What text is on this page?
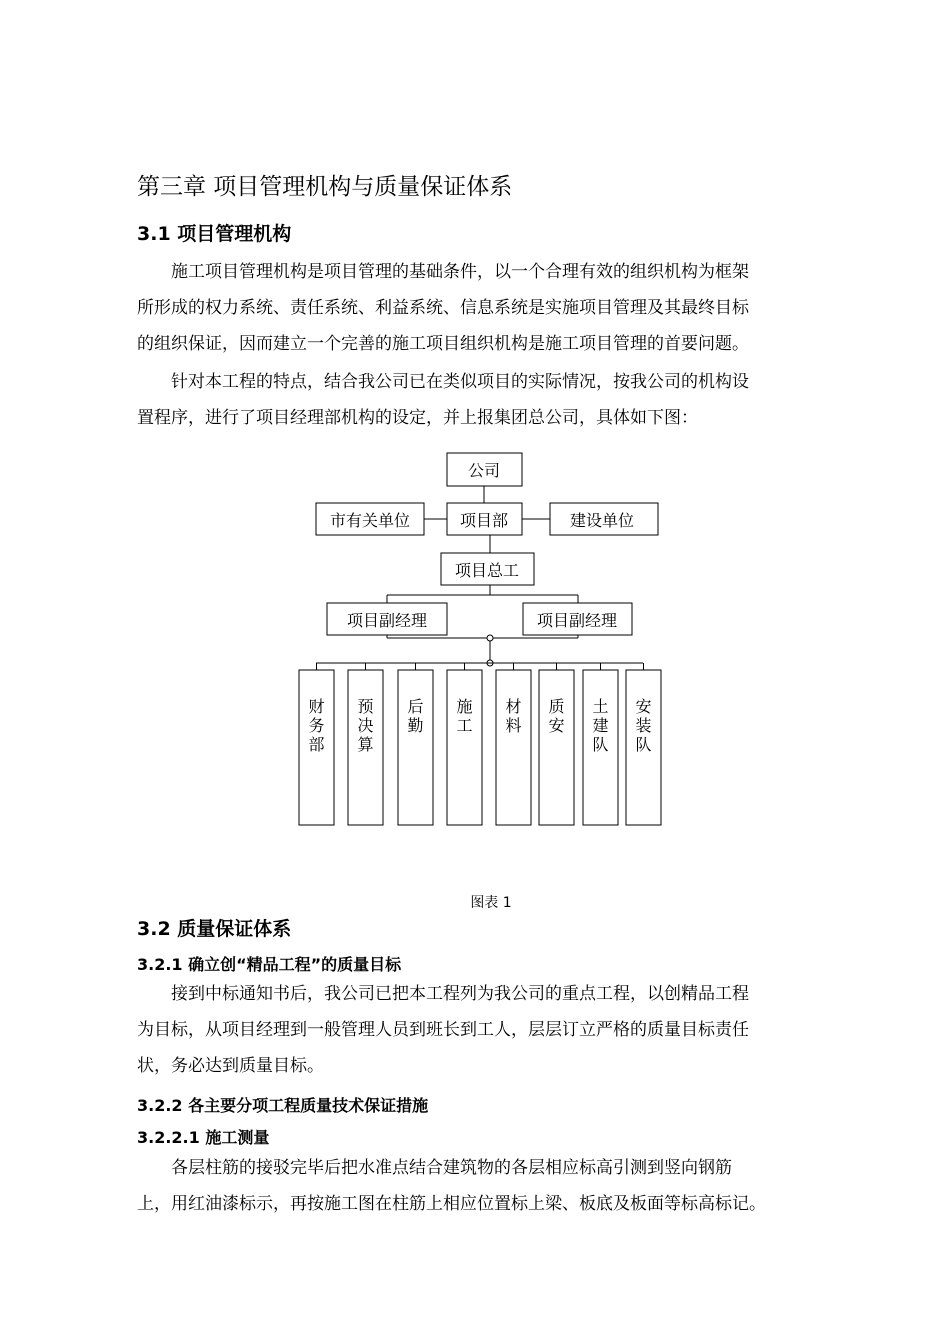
第三章 项目管理机构与质量保证体系
3.1 项目管理机构
施工项目管理机构是项目管理的基础条件，以一个合理有效的组织机构为框架
所形成的权力系统、责任系统、利益系统、信息系统是实施项目管理及其最终目标
的组织保证，因而建立一个完善的施工项目组织机构是施工项目管理的首要问题。
针对本工程的特点，结合我公司已在类似项目的实际情况，按我公司的机构设
置程序，进行了项目经理部机构的设定，并上报集团总公司，具体如下图：
公司
市有关单位	项目部	建设单位
项目总工
项目副经理	项目副经理
财
务
部
预
决
算
后
勤
施
工
材
料
质
安
土
建
队
安
装
队
图表 1
3.2 质量保证体系
3.2.1 确立创“精品工程”的质量目标
接到中标通知书后，我公司已把本工程列为我公司的重点工程，以创精品工程
为目标，从项目经理到一般管理人员到班长到工人，层层订立严格的质量目标责任
状，务必达到质量目标。
3.2.2 各主要分项工程质量技术保证措施
3.2.2.1 施工测量
各层柱筋的接驳完毕后把水准点结合建筑物的各层相应标高引测到竖向钢筋
上，用红油漆标示，再按施工图在柱筋上相应位置标上梁、板底及板面等标高标记。
